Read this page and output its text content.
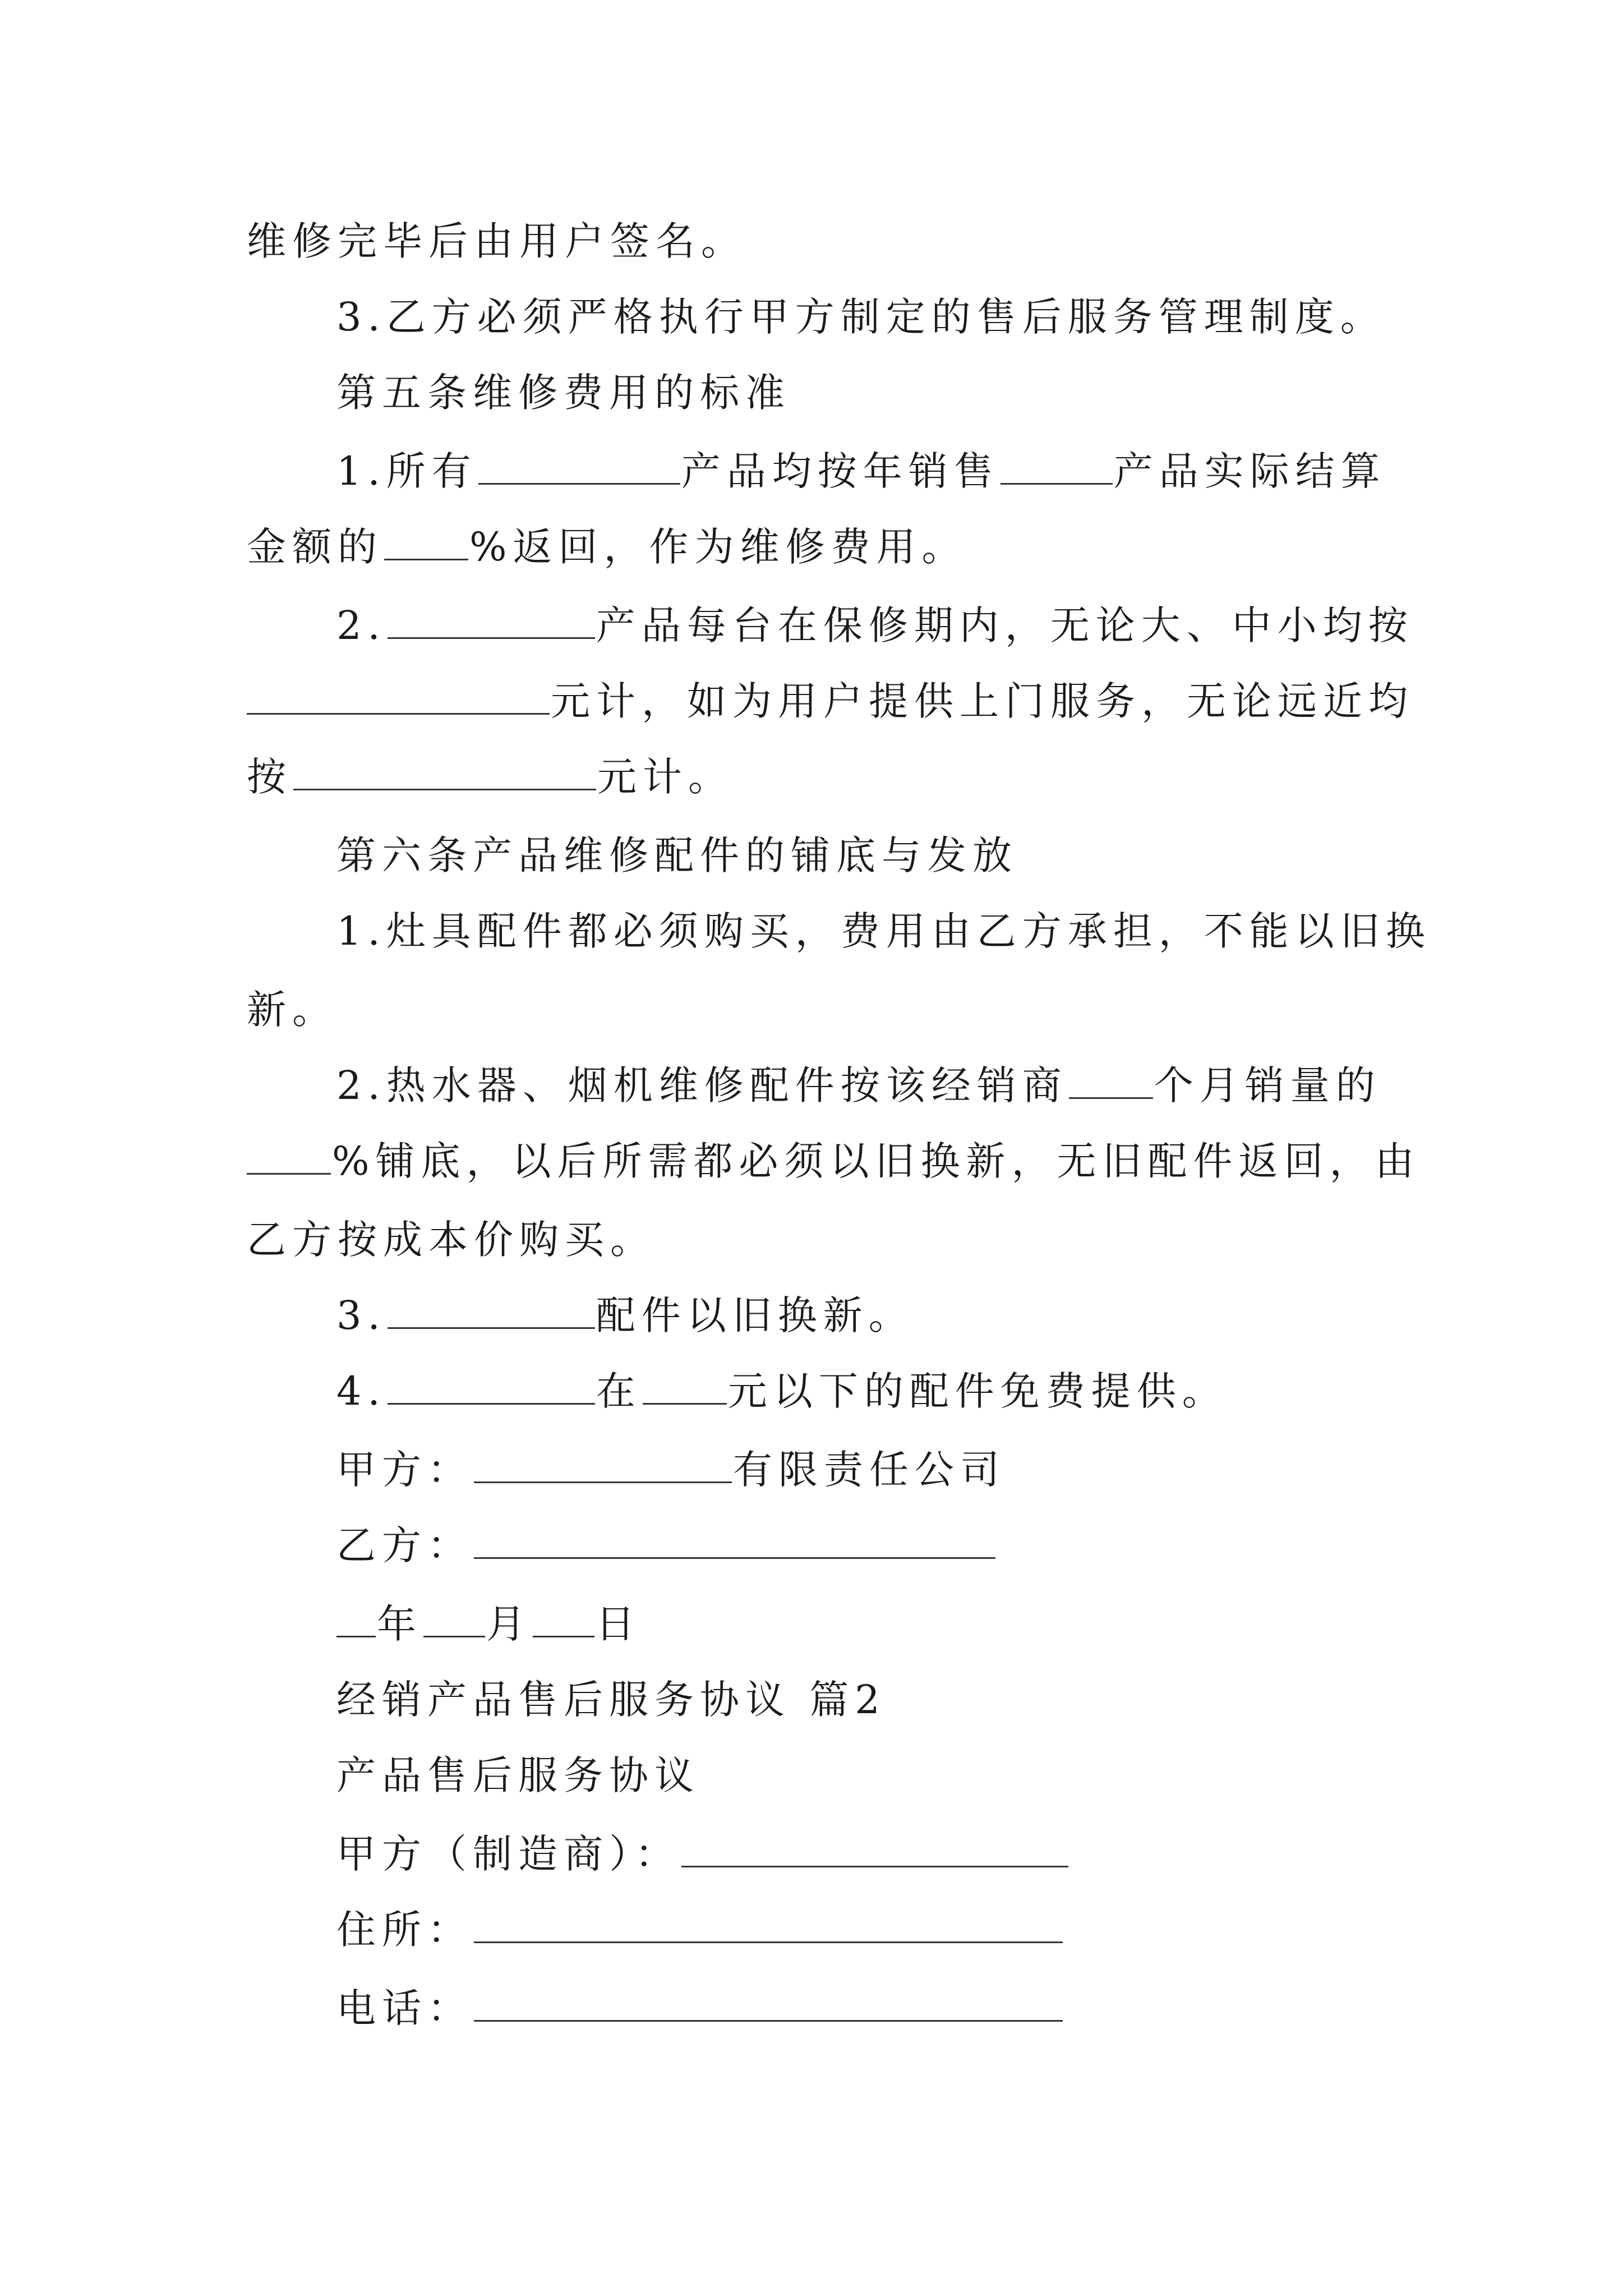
维修完毕后由用户签名。
3.乙方必须严格执行甲方制定的售后服务管理制度。
第五条维修费用的标准
1.所有	产品均按年销售	产品实际结算
金额的 %返回，作为维修费用。
2.	产品每台在保修期内，无论大、中小均按
元计，如为用户提供上门服务，无论远近均
按	元计。
第六条产品维修配件的铺底与发放
1.灶具配件都必须购买，费用由乙方承担，不能以旧换
新。
2.热水器、烟机维修配件按该经销商 个月销量的
%铺底，以后所需都必须以旧换新，无旧配件返回，由
乙方按成本价购买。
3.	配件以旧换新。
4.	在 元以下的配件免费提供。
甲方：	有限责任公司
乙方：
年 月 日
经销产品售后服务协议 篇2
产品售后服务协议
甲方（制造商）：
住所：
电话：
